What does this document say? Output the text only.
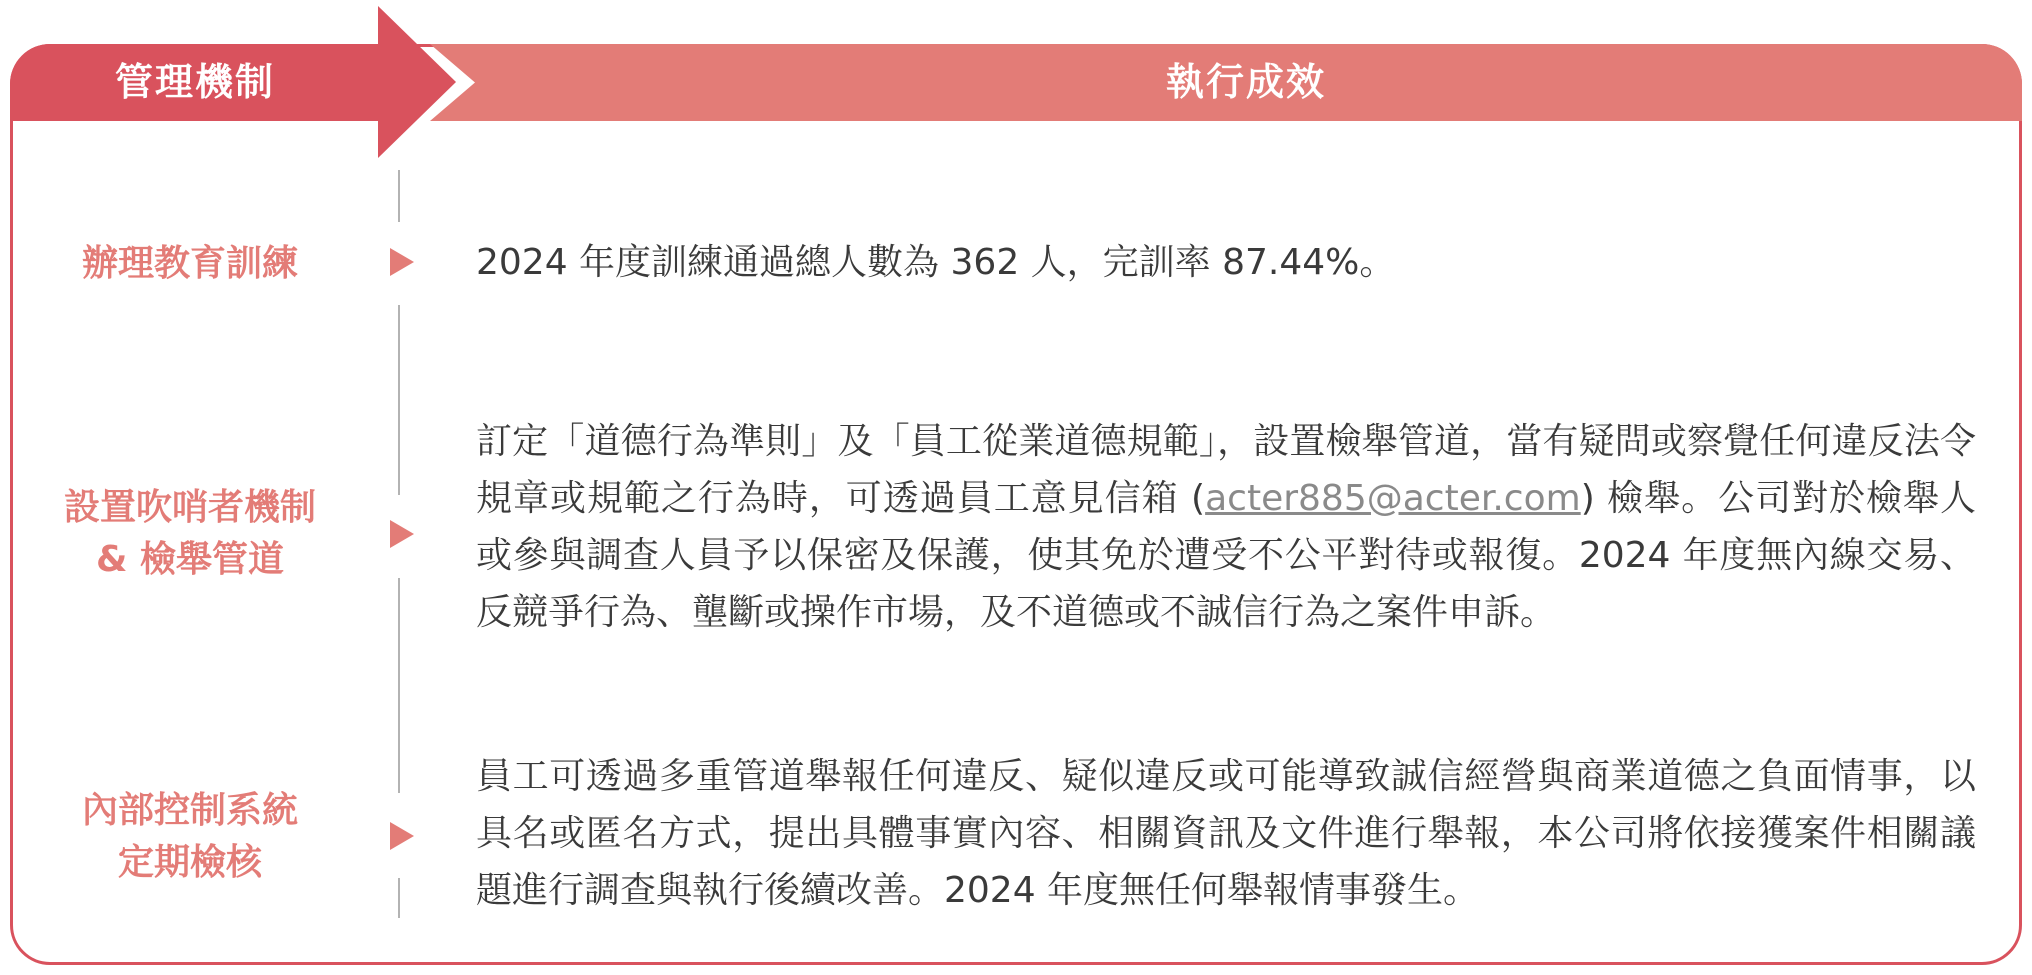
管理機制	執行成效
辦理教育訓練	2024 年度訓練通過總人數為 362 人，完訓率 87.44%。
設置吹哨者機制
& 檢舉管道
訂定「道德行為準則」及「員工從業道德規範」，設置檢舉管道，當有疑問或察覺任何違反法令規章或規範之行為時，可透過員工意見信箱 (acter885@acter.com) 檢舉。公司對於檢舉人或參與調查人員予以保密及保護，使其免於遭受不公平對待或報復。2024 年度無內線交易、反競爭行為、壟斷或操作市場，及不道德或不誠信行為之案件申訴。
內部控制系統
定期檢核
員工可透過多重管道舉報任何違反、疑似違反或可能導致誠信經營與商業道德之負面情事，以具名或匿名方式，提出具體事實內容、相關資訊及文件進行舉報，本公司將依接獲案件相關議題進行調查與執行後續改善。2024 年度無任何舉報情事發生。
